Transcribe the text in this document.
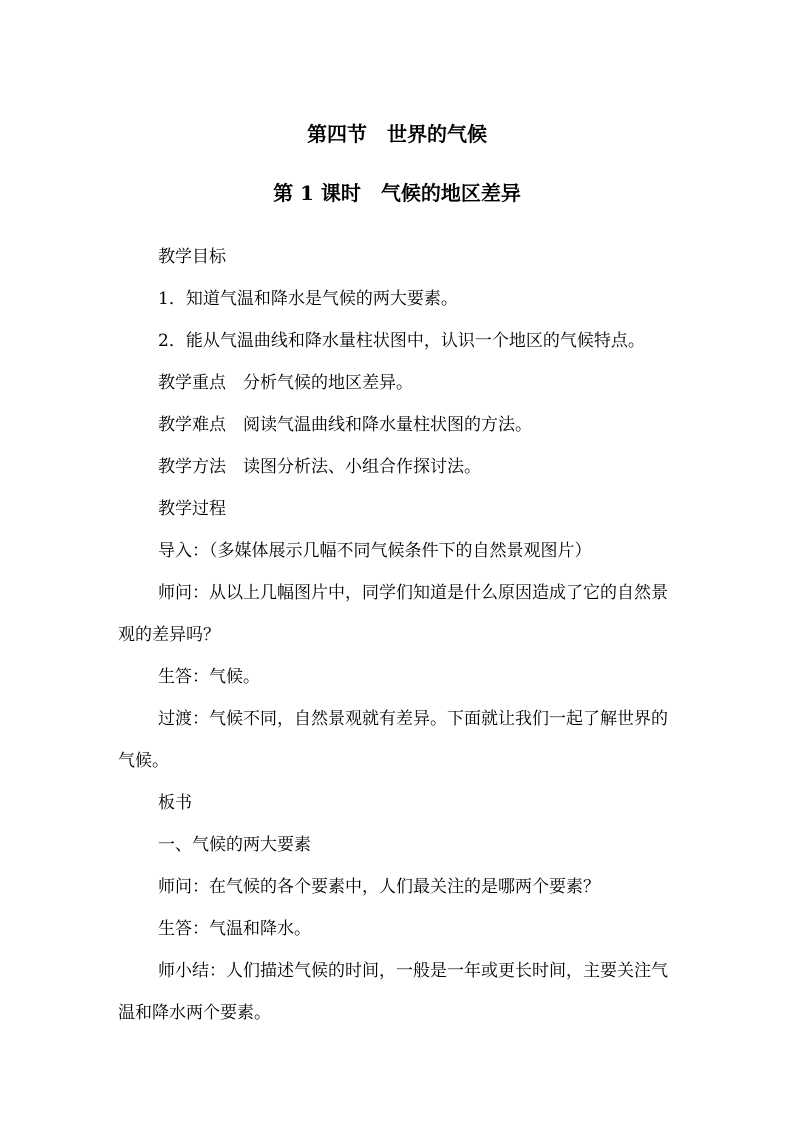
第四节　世界的气候
第 1 课时　气候的地区差异

教学目标

1．知道气温和降水是气候的两大要素。

2．能从气温曲线和降水量柱状图中，认识一个地区的气候特点。

教学重点　分析气候的地区差异。

教学难点　阅读气温曲线和降水量柱状图的方法。

教学方法　读图分析法、小组合作探讨法。

教学过程

导入：（多媒体展示几幅不同气候条件下的自然景观图片）

师问：从以上几幅图片中，同学们知道是什么原因造成了它的自然景观的差异吗？

生答：气候。

过渡：气候不同，自然景观就有差异。下面就让我们一起了解世界的气候。

板书

一、气候的两大要素

师问：在气候的各个要素中，人们最关注的是哪两个要素？

生答：气温和降水。

师小结：人们描述气候的时间，一般是一年或更长时间，主要关注气温和降水两个要素。
